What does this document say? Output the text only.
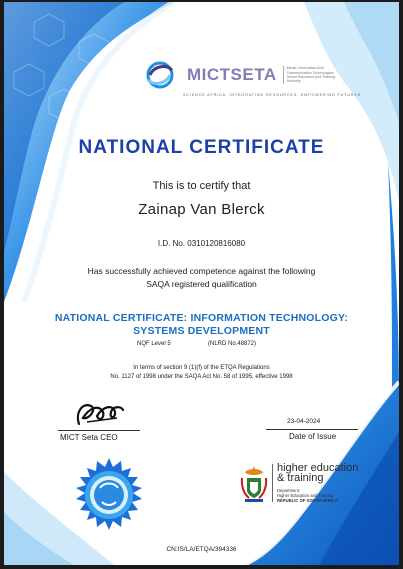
MICTSETA	Media, Information And Communication Technologies Sector Education And Training Authority
SCIENCE AFRICA. INTEGRATING RESOURCES. EMPOWERING FUTURES
NATIONAL CERTIFICATE
This is to certify that
Zainap Van Blerck
I.D. No. 0310120816080
Has successfully achieved competence against the following
SAQA registered qualification
NATIONAL CERTIFICATE: INFORMATION TECHNOLOGY:
SYSTEMS DEVELOPMENT
NQF Level 5	(NLRD No.48872)
In terms of section 9 (1)(f) of the ETQA Regulations
No. 1127 of 1998 under the SAQA Act No. 58 of 1995, effective 1998
MICT Seta CEO
23-04-2024
Date of Issue
higher education
& training
Department:
Higher Education and Training
REPUBLIC OF SOUTH AFRICA
CN:IS/LA/ETQA/394336
